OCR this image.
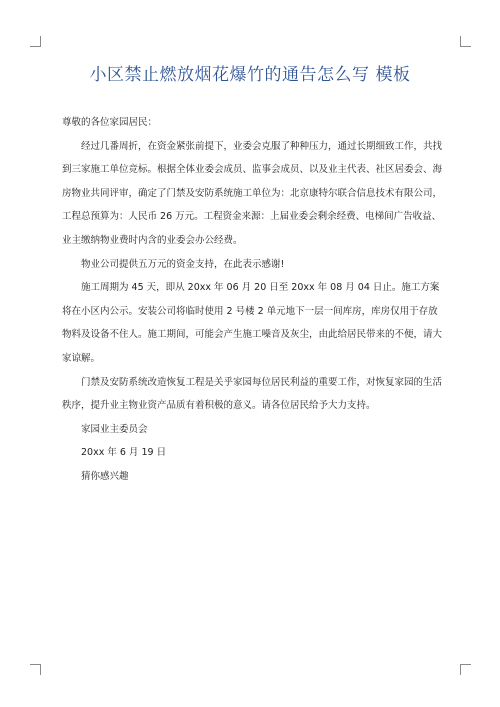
小区禁止燃放烟花爆竹的通告怎么写 模板

尊敬的各位家园居民：

经过几番周折，在资金紧张前提下，业委会克服了种种压力，通过长期细致工作，共找到三家施工单位竞标。根据全体业委会成员、监事会成员、以及业主代表、社区居委会、海房物业共同评审，确定了门禁及安防系统施工单位为：北京康特尔联合信息技术有限公司，工程总预算为：人民币 26 万元。工程资金来源：上届业委会剩余经费、电梯间广告收益、业主缴纳物业费时内含的业委会办公经费。

物业公司提供五万元的资金支持，在此表示感谢!

施工周期为 45 天，即从 20xx 年 06 月 20 日至 20xx 年 08 月 04 日止。施工方案将在小区内公示。安装公司将临时使用 2 号楼 2 单元地下一层一间库房，库房仅用于存放物料及设备不住人。施工期间，可能会产生施工噪音及灰尘，由此给居民带来的不便，请大家谅解。

门禁及安防系统改造恢复工程是关乎家园每位居民利益的重要工作，对恢复家园的生活秩序，提升业主物业资产品质有着积极的意义。请各位居民给予大力支持。

家园业主委员会

20xx 年 6 月 19 日

猜你感兴趣
